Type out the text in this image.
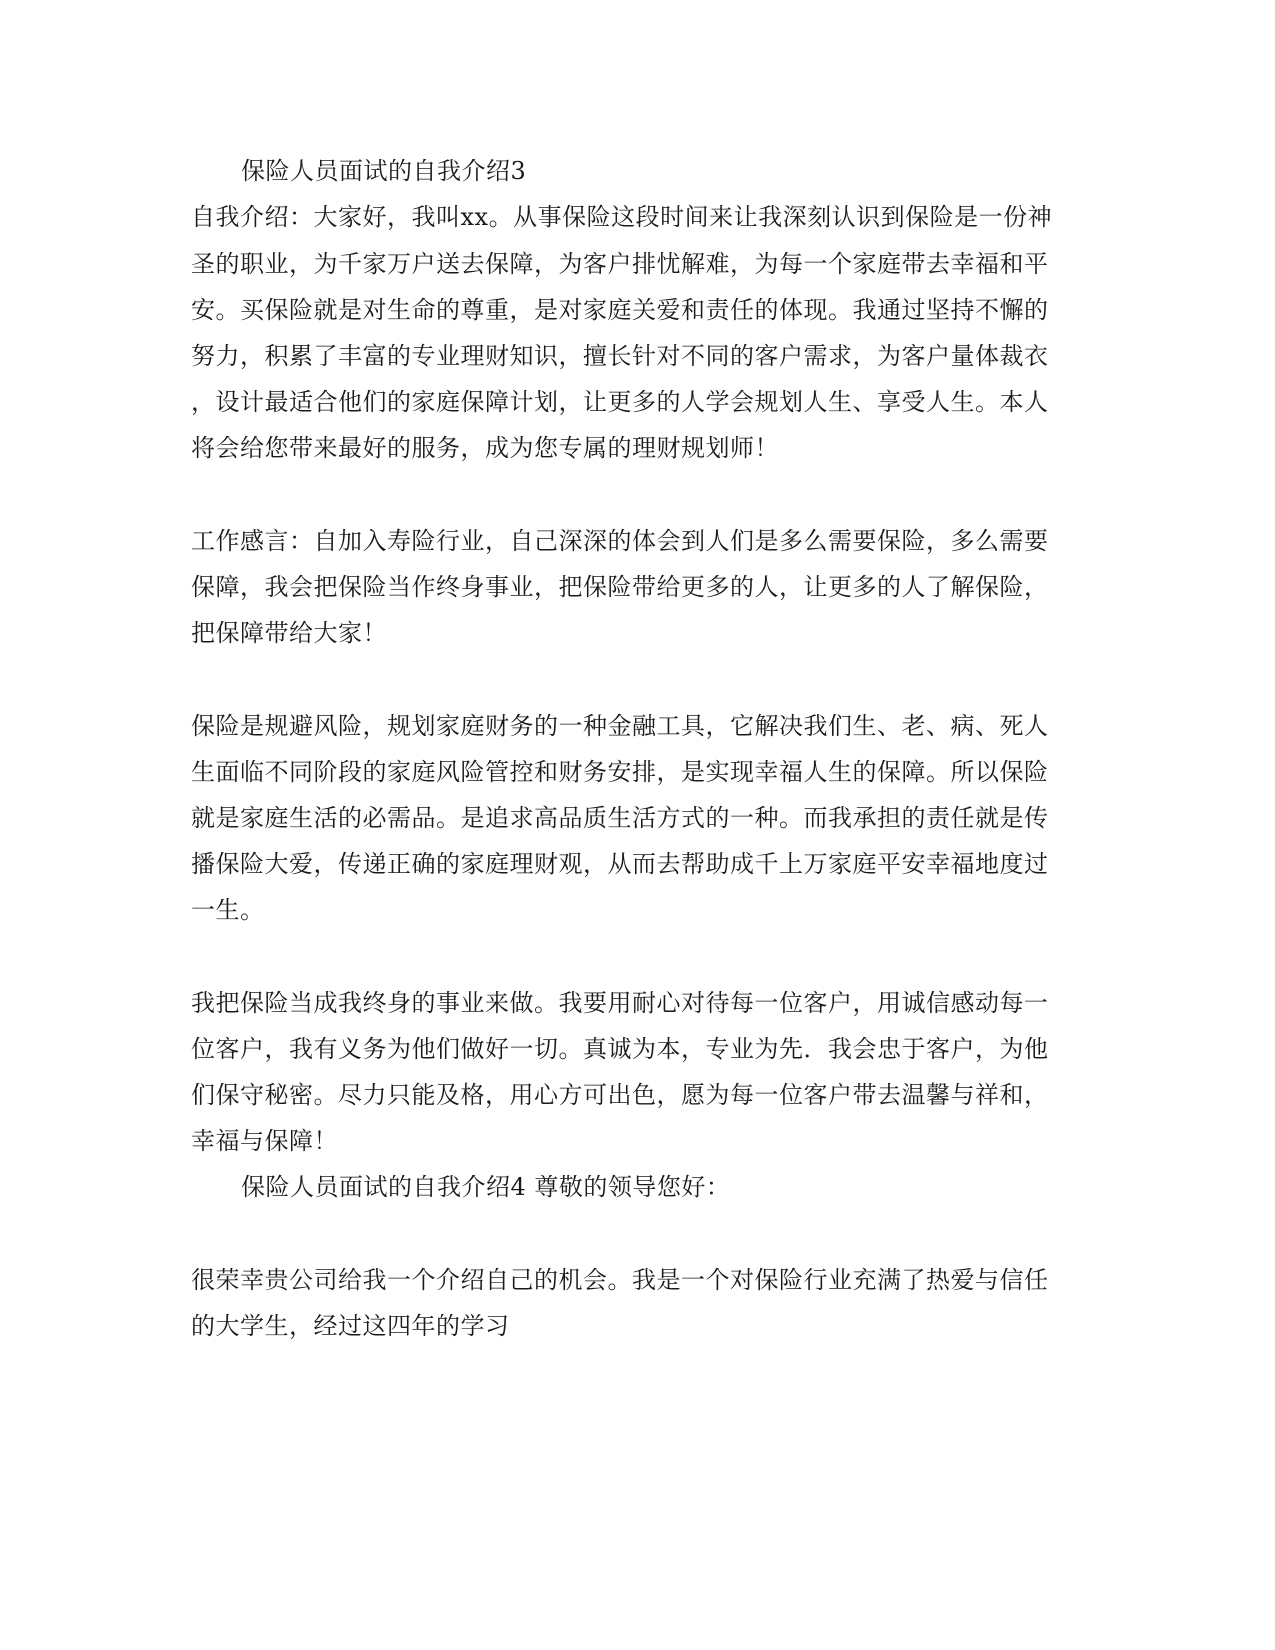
保险人员面试的自我介绍3
自我介绍：大家好，我叫xx。从事保险这段时间来让我深刻认识到保险是一份神
圣的职业，为千家万户送去保障，为客户排忧解难，为每一个家庭带去幸福和平
安。买保险就是对生命的尊重，是对家庭关爱和责任的体现。我通过坚持不懈的
努力，积累了丰富的专业理财知识，擅长针对不同的客户需求，为客户量体裁衣
，设计最适合他们的家庭保障计划，让更多的人学会规划人生、享受人生。本人
将会给您带来最好的服务，成为您专属的理财规划师！
工作感言：自加入寿险行业，自己深深的体会到人们是多么需要保险，多么需要
保障，我会把保险当作终身事业，把保险带给更多的人，让更多的人了解保险，
把保障带给大家！
保险是规避风险，规划家庭财务的一种金融工具，它解决我们生、老、病、死人
生面临不同阶段的家庭风险管控和财务安排，是实现幸福人生的保障。所以保险
就是家庭生活的必需品。是追求高品质生活方式的一种。而我承担的责任就是传
播保险大爱，传递正确的家庭理财观，从而去帮助成千上万家庭平安幸福地度过
一生。
我把保险当成我终身的事业来做。我要用耐心对待每一位客户，用诚信感动每一
位客户，我有义务为他们做好一切。真诚为本，专业为先．我会忠于客户，为他
们保守秘密。尽力只能及格，用心方可出色，愿为每一位客户带去温馨与祥和，
幸福与保障！
保险人员面试的自我介绍4 尊敬的领导您好：
很荣幸贵公司给我一个介绍自己的机会。我是一个对保险行业充满了热爱与信任
的大学生，经过这四年的学习
